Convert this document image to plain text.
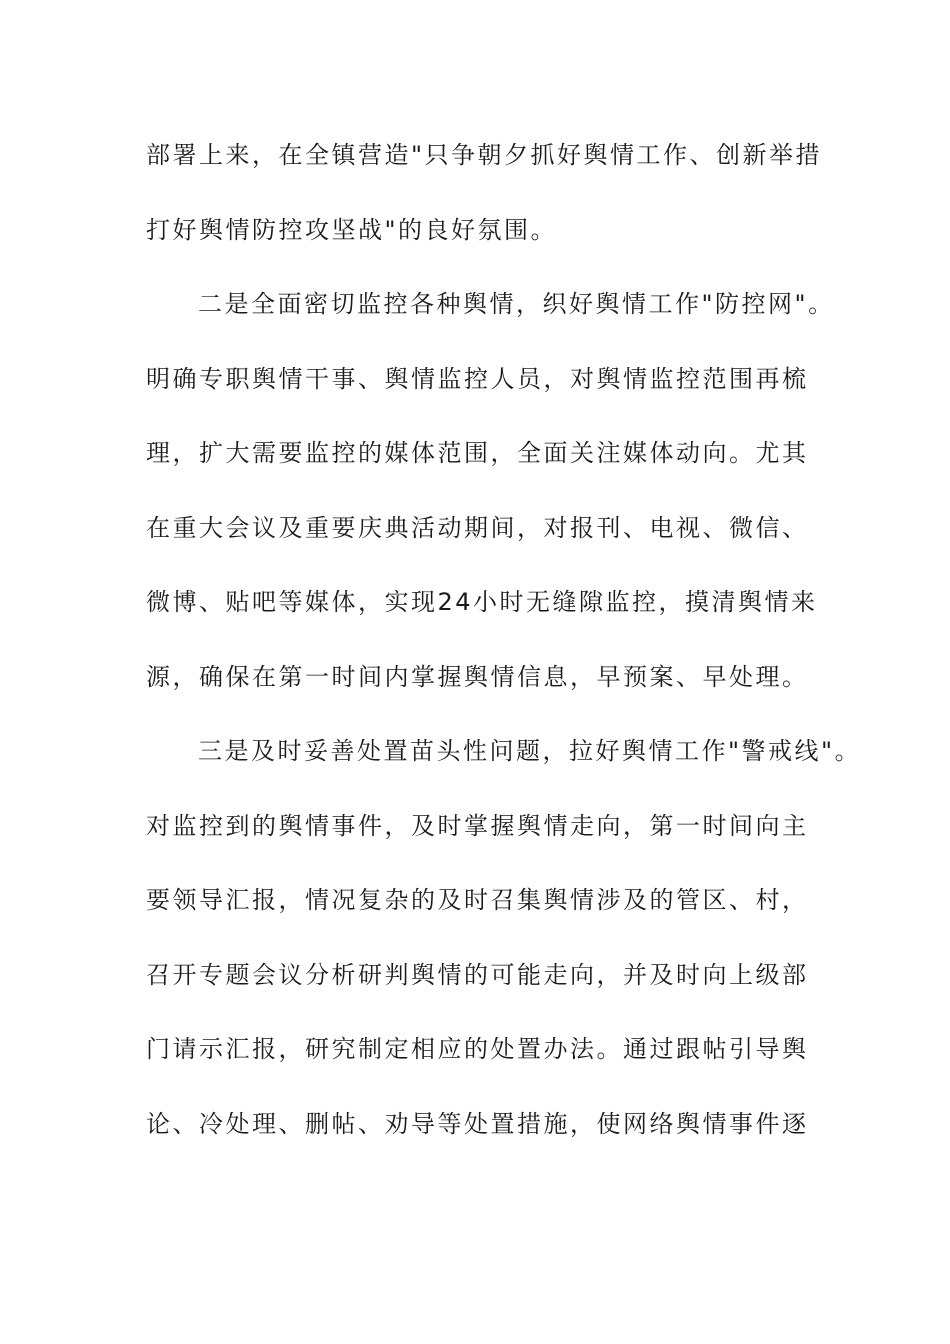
部署上来，在全镇营造"只争朝夕抓好舆情工作、创新举措
打好舆情防控攻坚战"的良好氛围。
二是全面密切监控各种舆情，织好舆情工作"防控网"。
明确专职舆情干事、舆情监控人员，对舆情监控范围再梳
理，扩大需要监控的媒体范围，全面关注媒体动向。尤其
在重大会议及重要庆典活动期间，对报刊、电视、微信、
微博、贴吧等媒体，实现24小时无缝隙监控，摸清舆情来
源，确保在第一时间内掌握舆情信息，早预案、早处理。
三是及时妥善处置苗头性问题，拉好舆情工作"警戒线"。
对监控到的舆情事件，及时掌握舆情走向，第一时间向主
要领导汇报，情况复杂的及时召集舆情涉及的管区、村，
召开专题会议分析研判舆情的可能走向，并及时向上级部
门请示汇报，研究制定相应的处置办法。通过跟帖引导舆
论、冷处理、删帖、劝导等处置措施，使网络舆情事件逐
